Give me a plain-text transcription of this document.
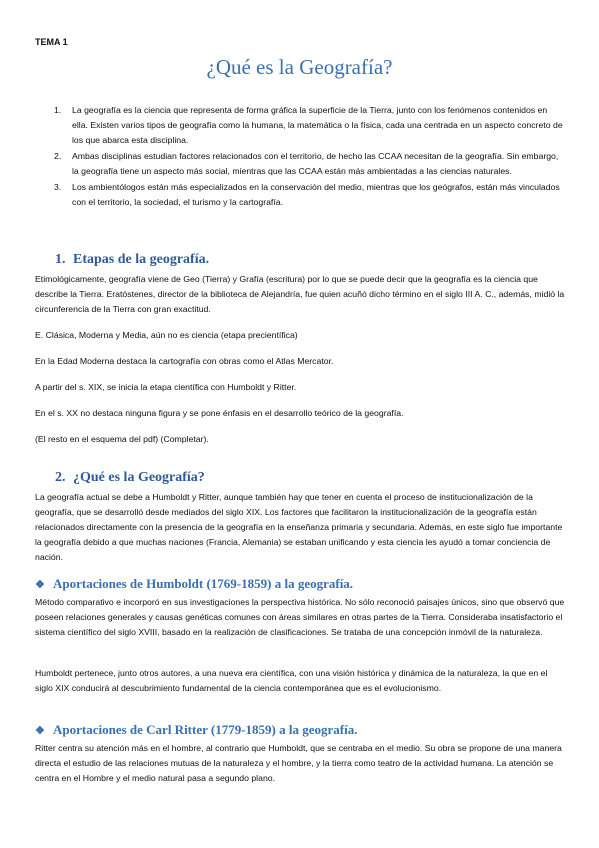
TEMA 1
¿Qué es la Geografía?
1. La geografía es la ciencia que representa de forma gráfica la superficie de la Tierra, junto con los fenómenos contenidos en ella. Existen varios tipos de geografía como la humana, la matemática o la física, cada una centrada en un aspecto concreto de los que abarca esta disciplina.
2. Ambas disciplinas estudian factores relacionados con el territorio, de hecho las CCAA necesitan de la geografía. Sin embargo, la geografía tiene un aspecto más social, mientras que las CCAA están más ambientadas a las ciencias naturales.
3. Los ambientólogos están más especializados en la conservación del medio, mientras que los geógrafos, están más vinculados con el territorio, la sociedad, el turismo y la cartografía.
1. Etapas de la geografía.
Etimológicamente, geografía viene de Geo (Tierra) y Grafía (escritura) por lo que se puede decir que la geografía es la ciencia que describe la Tierra. Eratóstenes, director de la biblioteca de Alejandría, fue quien acuñó dicho término en el siglo III A. C., además, midió la circunferencia de la Tierra con gran exactitud.
E. Clásica, Moderna y Media, aún no es ciencia (etapa precientífica)
En la Edad Moderna destaca la cartografía con obras como el Atlas Mercator.
A partir del s. XIX, se inicia la etapa científica con Humboldt y Ritter.
En el s. XX no destaca ninguna figura y se pone énfasis en el desarrollo teórico de la geografía.
(El resto en el esquema del pdf) (Completar).
2. ¿Qué es la Geografía?
La geografía actual se debe a Humboldt y Ritter, aunque también hay que tener en cuenta el proceso de institucionalización de la geografía, que se desarrolló desde mediados del siglo XIX. Los factores que facilitaron la institucionalización de la geografía están relacionados directamente con la presencia de la geografía en la enseñanza primaria y secundaria. Además, en este siglo fue importante la geografía debido a que muchas naciones (Francia, Alemania) se estaban unificando y esta ciencia les ayudó a tomar conciencia de nación.
❖ Aportaciones de Humboldt (1769-1859) a la geografía.
Método comparativo e incorporó en sus investigaciones la perspectiva histórica. No sólo reconoció paisajes únicos, sino que observó que poseen relaciones generales y causas genéticas comunes con áreas similares en otras partes de la Tierra. Consideraba insatisfactorio el sistema científico del siglo XVIII, basado en la realización de clasificaciones. Se trataba de una concepción inmóvil de la naturaleza.
Humboldt pertenece, junto otros autores, a una nueva era científica, con una visión histórica y dinámica de la naturaleza, la que en el siglo XIX conducirá al descubrimiento fundamental de la ciencia contemporánea que es el evolucionismo.
❖ Aportaciones de Carl Ritter (1779-1859) a la geografía.
Ritter centra su atención más en el hombre, al contrario que Humboldt, que se centraba en el medio. Su obra se propone de una manera directa el estudio de las relaciones mutuas de la naturaleza y el hombre, y la tierra como teatro de la actividad humana. La atención se centra en el Hombre y el medio natural pasa a segundo plano.
